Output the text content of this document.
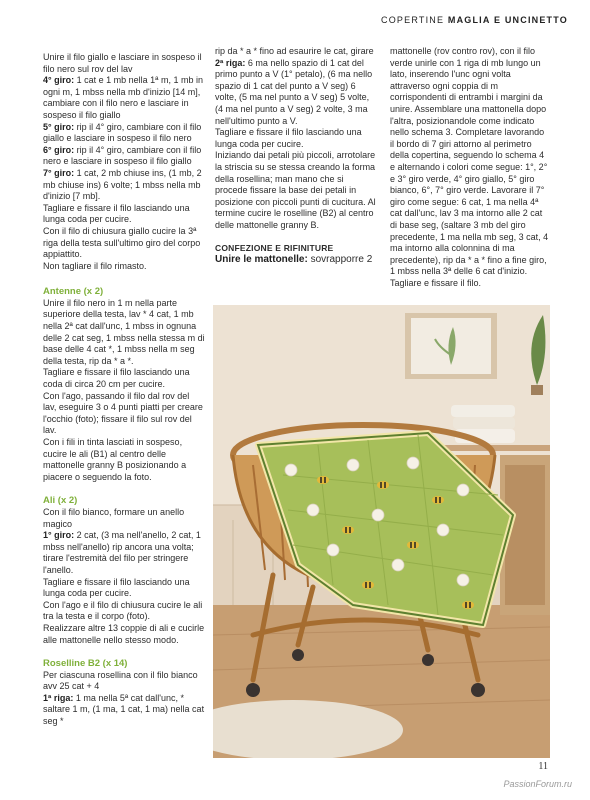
COPERTINE MAGLIA E UNCINETTO

Unire il filo giallo e lasciare in sospeso il filo nero sul rov del lav

4° giro: 1 cat e 1 mb nella 1ª m, 1 mb in ogni m, 1 mbss nella mb d'inizio [14 m], cambiare con il filo nero e lasciare in sospeso il filo giallo

5° giro: rip il 4° giro, cambiare con il filo giallo e lasciare in sospeso il filo nero

6° giro: rip il 4° giro, cambiare con il filo nero e lasciare in sospeso il filo giallo

7° giro: 1 cat, 2 mb chiuse ins, (1 mb, 2 mb chiuse ins) 6 volte; 1 mbss nella mb d'inizio [7 mb].

Tagliare e fissare il filo lasciando una lunga coda per cucire.

Con il filo di chiusura giallo cucire la 3ª riga della testa sull'ultimo giro del corpo appiattito.

Non tagliare il filo rimasto.

Antenne (x 2)

Unire il filo nero in 1 m nella parte superiore della testa, lav * 4 cat, 1 mb nella 2ª cat dall'unc, 1 mbss in ognuna delle 2 cat seg, 1 mbss nella stessa m di base delle 4 cat *, 1 mbss nella m seg della testa, rip da * a *.

Tagliare e fissare il filo lasciando una coda di circa 20 cm per cucire.

Con l'ago, passando il filo dal rov del lav, eseguire 3 o 4 punti piatti per creare l'occhio (foto); fissare il filo sul rov del lav.

Con i fili in tinta lasciati in sospeso, cucire le ali (B1) al centro delle mattonelle granny B posizionando a piacere o seguendo la foto.

Ali (x 2)

Con il filo bianco, formare un anello magico

1° giro: 2 cat, (3 ma nell'anello, 2 cat, 1 mbss nell'anello) rip ancora una volta; tirare l'estremità del filo per stringere l'anello.

Tagliare e fissare il filo lasciando una lunga coda per cucire.

Con l'ago e il filo di chiusura cucire le ali tra la testa e il corpo (foto).

Realizzare altre 13 coppie di ali e cucirle alle mattonelle nello stesso modo.

Roselline B2 (x 14)

Per ciascuna rosellina con il filo bianco avv 25 cat + 4

1ª riga: 1 ma nella 5ª cat dall'unc, * saltare 1 m, (1 ma, 1 cat, 1 ma) nella cat seg *

rip da * a * fino ad esaurire le cat, girare

2ª riga: 6 ma nello spazio di 1 cat del primo punto a V (1° petalo), (6 ma nello spazio di 1 cat del punto a V seg) 6 volte, (5 ma nel punto a V seg) 5 volte, (4 ma nel punto a V seg) 2 volte, 3 ma nell'ultimo punto a V.

Tagliare e fissare il filo lasciando una lunga coda per cucire.

Iniziando dai petali più piccoli, arrotolare la striscia su se stessa creando la forma della rosellina; man mano che si procede fissare la base dei petali in posizione con piccoli punti di cucitura. Al termine cucire le roselline (B2) al centro delle mattonelle granny B.

CONFEZIONE E RIFINITURE

Unire le mattonelle: sovrapporre 2

mattonelle (rov contro rov), con il filo verde unirle con 1 riga di mb lungo un lato, inserendo l'unc ogni volta attraverso ogni coppia di m corrispondenti di entrambi i margini da unire. Assemblare una mattonella dopo l'altra, posizionandole come indicato nello schema 3. Completare lavorando il bordo di 7 giri attorno al perimetro della copertina, seguendo lo schema 4 e alternando i colori come segue: 1°, 2° e 3° giro verde, 4° giro giallo, 5° giro bianco, 6°, 7° giro verde. Lavorare il 7° giro come segue: 6 cat, 1 ma nella 4ª cat dall'unc, lav 3 ma intorno alle 2 cat di base seg, (saltare 3 mb del giro precedente, 1 ma nella mb seg, 3 cat, 4 ma intorno alla colonnina di ma precedente), rip da * a * fino a fine giro, 1 mbss nella 3ª delle 6 cat d'inizio. Tagliare e fissare il filo.

11
PassionForum.ru
